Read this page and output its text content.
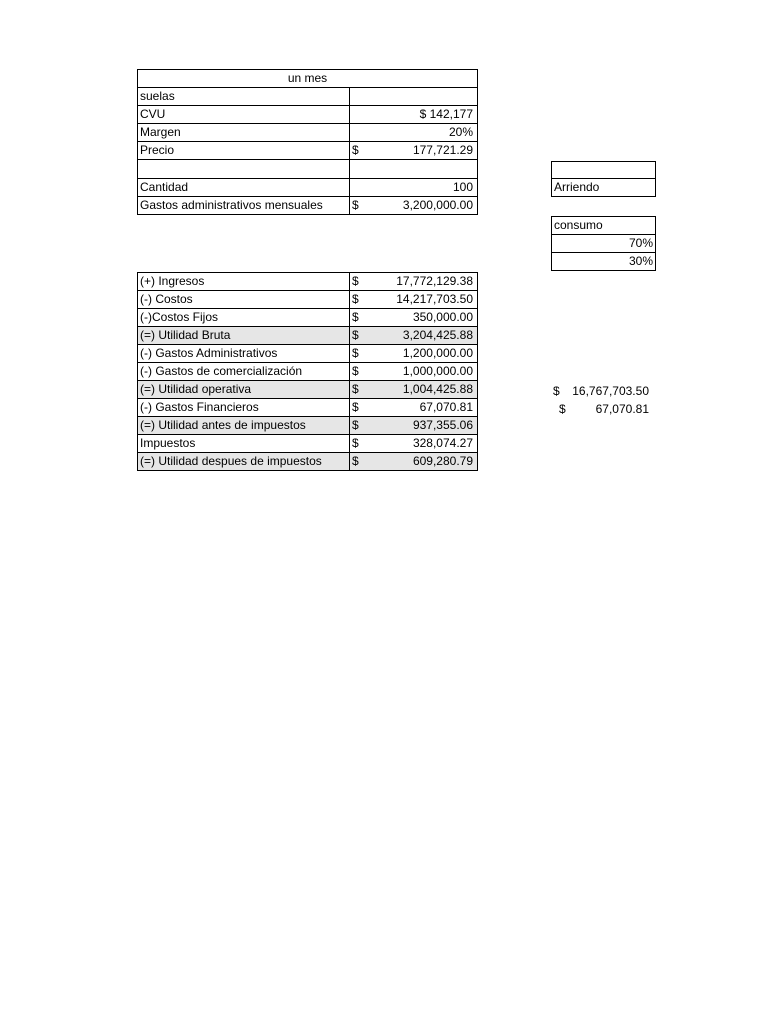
un mes	
suelas	

CVU	$ 142,177

Margen	20%

Precio	$ 177,721.29

Cantidad	100

Gastos administrativos mensuales	$ 3,200,000.00

Arriendo
consumo
70%
30%
(+) Ingresos	$ 17,772,129.38

(-) Costos	$ 14,217,703.50

(-)Costos Fijos	$ 350,000.00

(=) Utilidad Bruta	$ 3,204,425.88

(-) Gastos Administrativos	$ 1,200,000.00

(-) Gastos de comercialización	$ 1,000,000.00

(=) Utilidad operativa	$ 1,004,425.88

(-) Gastos Financieros	$ 67,070.81

(=) Utilidad antes de impuestos	$ 937,355.06

Impuestos	$ 328,074.27

(=) Utilidad despues de impuestos	$ 609,280.79
$ 16,767,703.50
$ 67,070.81
